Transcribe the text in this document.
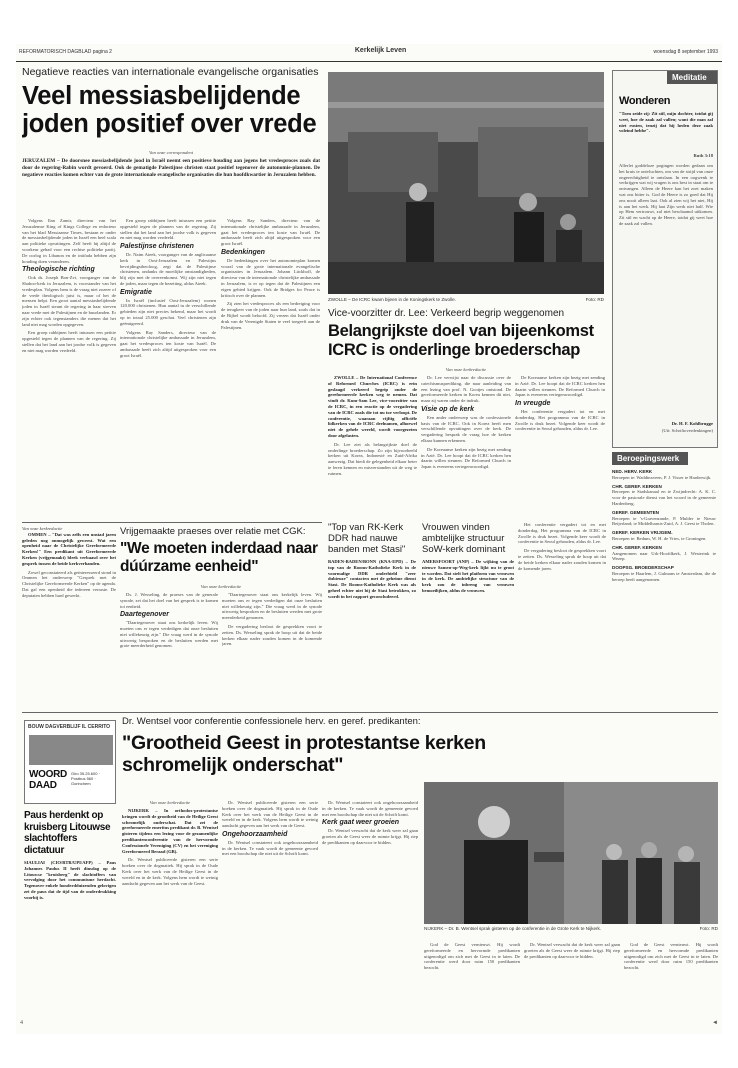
REFORMATORISCH DAGBLAD pagina 2	Kerkelijk Leven	woensdag 8 september 1993
Negatieve reacties van internationale evangelische organisaties
Veel messiasbelijdende joden positief over vrede
Van onze correspondent
JERUZALEM – De doorsnee messiasbelijdende jood in Israël neemt een positieve houding aan jegens het vredesproces zoals dat door de regering-Rabin wordt gevoerd. Ook de gematigde Palestijnse christen staat positief tegenover de autonomie-plannen. De negatieve reacties komen echter van de grote internationale evangelische organisaties die hun hoofdkwartier in Jeruzalem hebben.

Volgens Ilan Zamir, directeur van het Jeruzalemse King of Kings College en redacteur van het blad Messiaanse Times, bestaan er onder de messiasbelijdende joden in Israël een heel scala aan politieke opvattingen. Zelf heeft hij altijd de voorkeur gehad voor een rechtse politieke partij. De oorlog in Libanon en de intifada hebben zijn houding doen veranderen.

Theologische richting

Ook ds. Joseph Bon-Zvi, voorganger van de Shaboo-kerk in Jeruzalem, is voorstander van het vredesplan. Volgens hem is de vraag niet zozeer of de vrede theologisch juist is, maar of het de mensen helpt. Een groot aantal messiasbelijdende joden in Israël steunt de regering in haar streven naar vrede met de Palestijnen en de buurlanden. Er zijn echter ook tegenstanders die menen dat het land niet mag worden opgegeven.

Een groep rabbijnen heeft intussen een petitie opgesteld tegen de plannen van de regering. Zij stellen dat het land aan het joodse volk is gegeven en niet mag worden verdeeld.

Een groep rabbijnen heeft intussen een petitie opgesteld tegen de plannen van de regering. Zij stellen dat het land aan het joodse volk is gegeven en niet mag worden verdeeld.

Palestijnse christenen

Dr. Naim Ateek, voorganger van de anglicaanse kerk in Oost-Jeruzalem en Palestijns bevrijdingstheoloog, zegt dat de Palestijnse christenen, ondanks de moeilijke omstandigheden, blij zijn met de overeenkomst. Wij zijn niet tegen de joden, maar tegen de bezetting, aldus Ateek.

Emigratie

In Israël (inclusief Oost-Jeruzalem) wonen 120.000 christenen. Hun aantal in de verschillende gebieden zijn niet precies bekend, maar het wordt op in totaal 25.000 geschat. Veel christenen zijn geëmigreerd.

Volgens Ray Sanders, directeur van de internationale christelijke ambassade in Jeruzalem, gaat het vredesproces ten koste van Israël. De ambassade heeft zich altijd uitgesproken voor een groot Israël.

Volgens Ray Sanders, directeur van de internationale christelijke ambassade in Jeruzalem, gaat het vredesproces ten koste van Israël. De ambassade heeft zich altijd uitgesproken voor een groot Israël.

Bedenkingen

De bedenkingen over het autonomieplan komen vooral van de grote internationale evangelische organisaties in Jeruzalem. Johann Lückhoff, de directeur van de internationale christelijke ambassade in Jeruzalem, is er op tegen dat de Palestijnen een eigen gebied krijgen. Ook de Bridges for Peace is kritisch over de plannen.

Zij zien het vredesproces als een bedreiging voor de terugkeer van de joden naar hun land, zoals dat in de Bijbel wordt beloofd. Zij vrezen dat Israël onder druk van de Verenigde Staten te veel toegeeft aan de Palestijnen.

ZWOLLE – De ICRC kwam bijeen in de Koningskerk te Zwolle.	Foto: RD
Vice-voorzitter dr. Lee: Verkeerd begrip weggenomen
Belangrijkste doel van bijeenkomst ICRC is onderlinge broederschap
Van onze kerkredactie

ZWOLLE – De International Conference of Reformed Churches (ICRC) is erin geslaagd verkeerd begrip onder de gereformeerde kerken weg te nemen. Dat vindt dr. Kum-Sam Lee, vice-voorzitter van de ICRC, in een reactie op de vergadering van de ICRC zoals die tot nu toe verloopt. De conferentie, waaraan vijftig officiële lidkerken van de ICRC deelnamen, alhoewel niet de gehele wereld, wordt voorgezeten door afgelasten.

Dr. Lee ziet als belangrijkste doel de onderlinge broederschap. Zo zijn bijvoorbeeld kerken uit Korea, Indonesië en Zuid-Afrika aanwezig. Dat biedt de gelegenheid elkaar beter te leren kennen en misverstanden uit de weg te ruimen.

Dr. Lee verwijst naar de discussie over de catechismusprediking, die naar aanleiding van een lezing van prof. N. Gootjes ontstond. De gereformeerde kerken in Korea kennen dit niet, maar zij waren onder de indruk.

Visie op de kerk

Een ander onderwerp was de confessionele basis van de ICRC. Ook in Korea heeft men verschillende opvattingen over de kerk. De vergadering besprak de vraag hoe de kerken elkaar kunnen erkennen.

De Koreaanse kerken zijn bezig met zending in Azië. Dr. Lee hoopt dat de ICRC kerken hen daarin willen steunen. De Reformed Church in Japan is eveneens vertegenwoordigd.

De Koreaanse kerken zijn bezig met zending in Azië. Dr. Lee hoopt dat de ICRC kerken hen daarin willen steunen. De Reformed Church in Japan is eveneens vertegenwoordigd.

In vreugde

Het conferentie vergadert tot en met donderdag. Het programma van de ICRC in Zwolle is druk bezet. Volgende keer wordt de conferentie in Seoul gehouden, aldus dr. Lee.

Meditatie
Wonderen
"Toen zeide zij: Zit stil, mijn dochter, totdat gij weet, hoe de zaak zal vallen; want die man zal niet rusten, tenzij dat hij heden deze zaak voleind hebbe".
Ruth 3:18
Allerlei goddeloze pogingen worden gedaan om het kruis te ontvluchten, om van de strijd van onze ongerechtigheid te ontslaan. In een oogwenk te verkrijgen wat wij vragen is ons best in staat om te ontvangen. Alleen de Heere kan het zoet maken wat ons bitter is. God de Heere is zo goed dat Hij ons nooit alleen laat. Ook al zien wij het niet, Hij is aan het werk. Hij laat Zijn werk niet half. Wie op Hem vertrouwt, zal niet beschaamd uitkomen. Zit stil en wacht op de Heere, totdat gij weet hoe de zaak zal vallen.
Dr. H. F. Kohlbrugge
(Uit: Schriftoverdenkingen)
Beroepingswerk
NED. HERV. KERK
Beroepen te: Waddinxveen, P. J. Visser te Harderwijk.
CHR. GEREF. KERKEN
Beroepen te Stadskanaal en te Zwijndrecht: A. K. C. voor de pastorale dienst van het woord in de gemeente Hardenberg.
GEREF. GEMEENTEN
Beroepen te 's-Gravenzande, P. Mulder te Nieuw Beijerland; te Middelharnis-Zuid, A. J. Geest te Tholen.
GEREF. KERKEN VRIJGEM.
Beroepen te: Bedum, W. H. de Vries, te Groningen.
CHR. GEREF. KERKEN
Aangenomen naar Urk-Hoofdkerk, J. Westerink te Wezep.
DOOPSG. BROEDERSCHAP
Beroepen te Haarlem, J. Gulmans te Amsterdam, die de beroep heeft aangenomen.
Vrijgemaakte praeses over relatie met CGK:
"We moeten inderdaad naar dúúrzame eenheid"
Van onze kerkredactie
Van onze kerkredactie

OMMEN – "Dat was zelfs een unstad jaren geleden nog onmogelijk geweest. Wat een openheid naar de Christelijke Gereformeerde Kerken!" Een predikant uit Gereformeerde Kerken (vrijgemaakt) bleek verbaasd over het gesprek tussen de beide kerkverbanden.

Zowel geconstateerd als geïnteresseerd stond in Ommen het onderwerp "Gesprek met de Christelijke Gereformeerde Kerken" op de agenda. Dat gaf een openheid die iedereen verraste. De deputaten hebben hard gewerkt.	Ds. J. Wesseling, de praeses van de generale synode, zei dat het doel van het gesprek is te komen tot eenheid.

Daartegenover

"Daartegenover staat ons kerkelijk leven. Wij moeten ons er tegen verdedigen dat onze besluiten niet willekeurig zijn." Die vraag werd in de synode uitvoerig besproken en de besluiten werden met grote meerderheid genomen.

"Daartegenover staat ons kerkelijk leven. Wij moeten ons er tegen verdedigen dat onze besluiten niet willekeurig zijn." Die vraag werd in de synode uitvoerig besproken en de besluiten werden met grote meerderheid genomen.

De vergadering besloot de gesprekken voort te zetten. Ds. Wesseling sprak de hoop uit dat de beide kerken elkaar nader zouden komen in de komende jaren.

"Top van RK-Kerk DDR had nauwe banden met Stasi"
BADEN-BADEN/BONN (KNA-EPD) – De top van de Rooms-Katholieke Kerk in de voormalige DDR onderhield "zeer dubieuze" contacten met de geheime dienst Stasi. De Rooms-Katholieke Kerk was als geheel echter niet bij de Stasi betrokken, zo wordt in het rapport geconcludeerd.
Vrouwen vinden ambtelijke structuur SoW-kerk dominant
AMERSFOORT (ANP) – De wijking van de nieuwe Samen-op-Weg-kerk lijkt nu te groot te worden. Dat stelt het platform van vrouwen in de kerk. De ambtelijke structuur van de kerk zou de inbreng van vrouwen bemoeilijken, aldus de vrouwen.

Het conferentie vergadert tot en met donderdag. Het programma van de ICRC in Zwolle is druk bezet. Volgende keer wordt de conferentie in Seoul gehouden, aldus dr. Lee.

De vergadering besloot de gesprekken voort te zetten. Ds. Wesseling sprak de hoop uit dat de beide kerken elkaar nader zouden komen in de komende jaren.

BOUW DAGVERBLIJF IL CERRITO
WOORD
DAAD
Giro 35.25.600 · Postbus 560 · Gorinchem
Paus herdenkt op kruisberg Litouwse slachtoffers dictatuur
SIAULIAI (CIO/RTR/UPI/AFP) – Paus Johannes Paulus II heeft dinsdag op de Litouwse "kruisberg" de slachtoffers van vervolging door het communisme herdacht. Tegenover enkele honderdduizenden gelovigen zei de paus dat de tijd van de onderdrukking voorbij is.
Dr. Wentsel voor conferentie confessionele herv. en geref. predikanten:
"Grootheid Geest in protestantse kerken schromelijk onderschat"
Van onze kerkredactie

NIJKERK – In orthodox-protestantse kringen wordt de grootheid van de Heilige Geest schromelijk onderschat. Dat zei de gereformeerde emeritus predikant dr. B. Wentsel gisteren tijdens een lezing voor de gezamenlijke predikantenconferentie van de hervormde Confessionele Vereniging (CV) en het vereniging Gereformeerd Beraad (GB).

Dr. Wentsel publiceerde gisteren een serie boeken over de dogmatiek. Hij sprak in de Oude Kerk over het werk van de Heilige Geest in de wereld en in de kerk. Volgens hem wordt te weinig aandacht gegeven aan het werk van de Geest.

Dr. Wentsel publiceerde gisteren een serie boeken over de dogmatiek. Hij sprak in de Oude Kerk over het werk van de Heilige Geest in de wereld en in de kerk. Volgens hem wordt te weinig aandacht gegeven aan het werk van de Geest.

Ongehoorzaamheid

Dr. Wentsel constateert ook ongehoorzaamheid in de kerken. Te vaak wordt de gemeente gevoed met een boodschap die niet uit de Schrift komt.

Dr. Wentsel constateert ook ongehoorzaamheid in de kerken. Te vaak wordt de gemeente gevoed met een boodschap die niet uit de Schrift komt.

Kerk gaat weer groeien

Dr. Wentsel verwacht dat de kerk weer zal gaan groeien als de Geest weer de ruimte krijgt. Hij riep de predikanten op daarvoor te bidden.

NIJKERK – Dr. B. Wentsel sprak gisteren op de conferentie in de Grote Kerk te Nijkerk.	Foto: RD

God de Geest vernieuwt. Hij wordt gereformeerde en hervormde predikanten uitgenodigd om zich met de Geest in te laten. De conferentie werd door ruim 150 predikanten bezocht.

Dr. Wentsel verwacht dat de kerk weer zal gaan groeien als de Geest weer de ruimte krijgt. Hij riep de predikanten op daarvoor te bidden.

God de Geest vernieuwt. Hij wordt gereformeerde en hervormde predikanten uitgenodigd om zich met de Geest in te laten. De conferentie werd door ruim 150 predikanten bezocht.

4	◄
